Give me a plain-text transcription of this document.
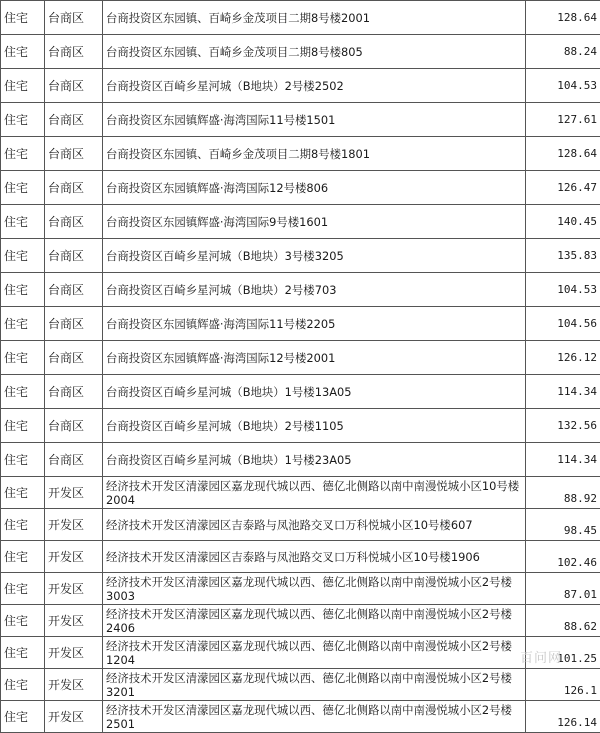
住宅	台商区	台商投资区东园镇、百崎乡金茂项目二期8号楼2001	128.64
住宅	台商区	台商投资区东园镇、百崎乡金茂项目二期8号楼805	88.24
住宅	台商区	台商投资区百崎乡星河城（B地块）2号楼2502	104.53
住宅	台商区	台商投资区东园镇辉盛·海湾国际11号楼1501	127.61
住宅	台商区	台商投资区东园镇、百崎乡金茂项目二期8号楼1801	128.64
住宅	台商区	台商投资区东园镇辉盛·海湾国际12号楼806	126.47
住宅	台商区	台商投资区东园镇辉盛·海湾国际9号楼1601	140.45
住宅	台商区	台商投资区百崎乡星河城（B地块）3号楼3205	135.83
住宅	台商区	台商投资区百崎乡星河城（B地块）2号楼703	104.53
住宅	台商区	台商投资区东园镇辉盛·海湾国际11号楼2205	104.56
住宅	台商区	台商投资区东园镇辉盛·海湾国际12号楼2001	126.12
住宅	台商区	台商投资区百崎乡星河城（B地块）1号楼13A05	114.34
住宅	台商区	台商投资区百崎乡星河城（B地块）2号楼1105	132.56
住宅	台商区	台商投资区百崎乡星河城（B地块）1号楼23A05	114.34
住宅	开发区	经济技术开发区清濛园区嘉龙现代城以西、德亿北侧路以南中南漫悦城小区10号楼2004	88.92
住宅	开发区	经济技术开发区清濛园区吉泰路与凤池路交叉口万科悦城小区10号楼607	98.45
住宅	开发区	经济技术开发区清濛园区吉泰路与凤池路交叉口万科悦城小区10号楼1906	102.46
住宅	开发区	经济技术开发区清濛园区嘉龙现代城以西、德亿北侧路以南中南漫悦城小区2号楼3003	87.01
住宅	开发区	经济技术开发区清濛园区嘉龙现代城以西、德亿北侧路以南中南漫悦城小区2号楼2406	88.62
住宅	开发区	经济技术开发区清濛园区嘉龙现代城以西、德亿北侧路以南中南漫悦城小区2号楼1204	101.25
住宅	开发区	经济技术开发区清濛园区嘉龙现代城以西、德亿北侧路以南中南漫悦城小区2号楼3201	126.1
住宅	开发区	经济技术开发区清濛园区嘉龙现代城以西、德亿北侧路以南中南漫悦城小区2号楼2501	126.14
百问网
